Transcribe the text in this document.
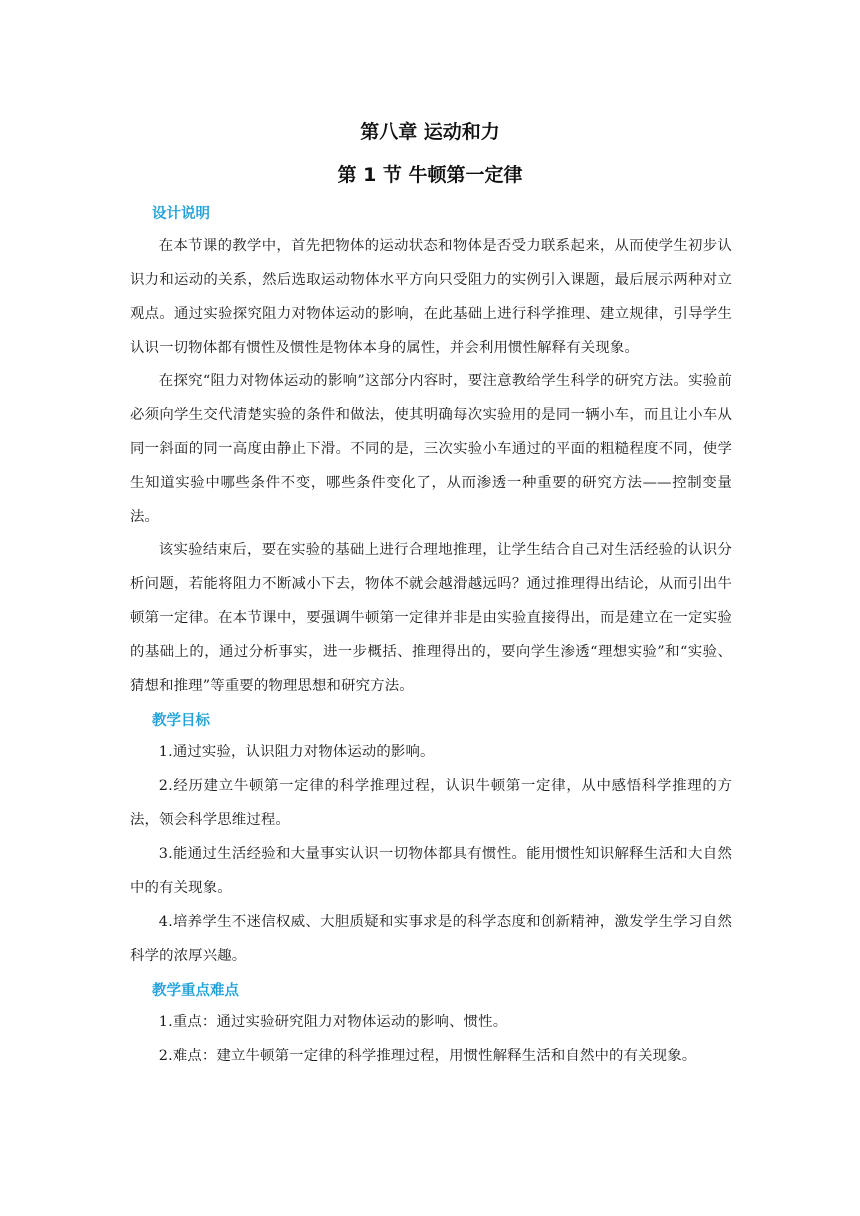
第八章 运动和力
第 1 节 牛顿第一定律
设计说明

在本节课的教学中，首先把物体的运动状态和物体是否受力联系起来，从而使学生初步认识力和运动的关系，然后选取运动物体水平方向只受阻力的实例引入课题，最后展示两种对立观点。通过实验探究阻力对物体运动的影响，在此基础上进行科学推理、建立规律，引导学生认识一切物体都有惯性及惯性是物体本身的属性，并会利用惯性解释有关现象。

在探究“阻力对物体运动的影响”这部分内容时，要注意教给学生科学的研究方法。实验前必须向学生交代清楚实验的条件和做法，使其明确每次实验用的是同一辆小车，而且让小车从同一斜面的同一高度由静止下滑。不同的是，三次实验小车通过的平面的粗糙程度不同，使学生知道实验中哪些条件不变，哪些条件变化了，从而渗透一种重要的研究方法——控制变量法。

该实验结束后，要在实验的基础上进行合理地推理，让学生结合自己对生活经验的认识分析问题，若能将阻力不断减小下去，物体不就会越滑越远吗？通过推理得出结论，从而引出牛顿第一定律。在本节课中，要强调牛顿第一定律并非是由实验直接得出，而是建立在一定实验的基础上的，通过分析事实，进一步概括、推理得出的，要向学生渗透“理想实验”和“实验、猜想和推理”等重要的物理思想和研究方法。

教学目标

1.通过实验，认识阻力对物体运动的影响。

2.经历建立牛顿第一定律的科学推理过程，认识牛顿第一定律，从中感悟科学推理的方法，领会科学思维过程。

3.能通过生活经验和大量事实认识一切物体都具有惯性。能用惯性知识解释生活和大自然中的有关现象。

4.培养学生不迷信权威、大胆质疑和实事求是的科学态度和创新精神，激发学生学习自然科学的浓厚兴趣。

教学重点难点

1.重点：通过实验研究阻力对物体运动的影响、惯性。

2.难点：建立牛顿第一定律的科学推理过程，用惯性解释生活和自然中的有关现象。
